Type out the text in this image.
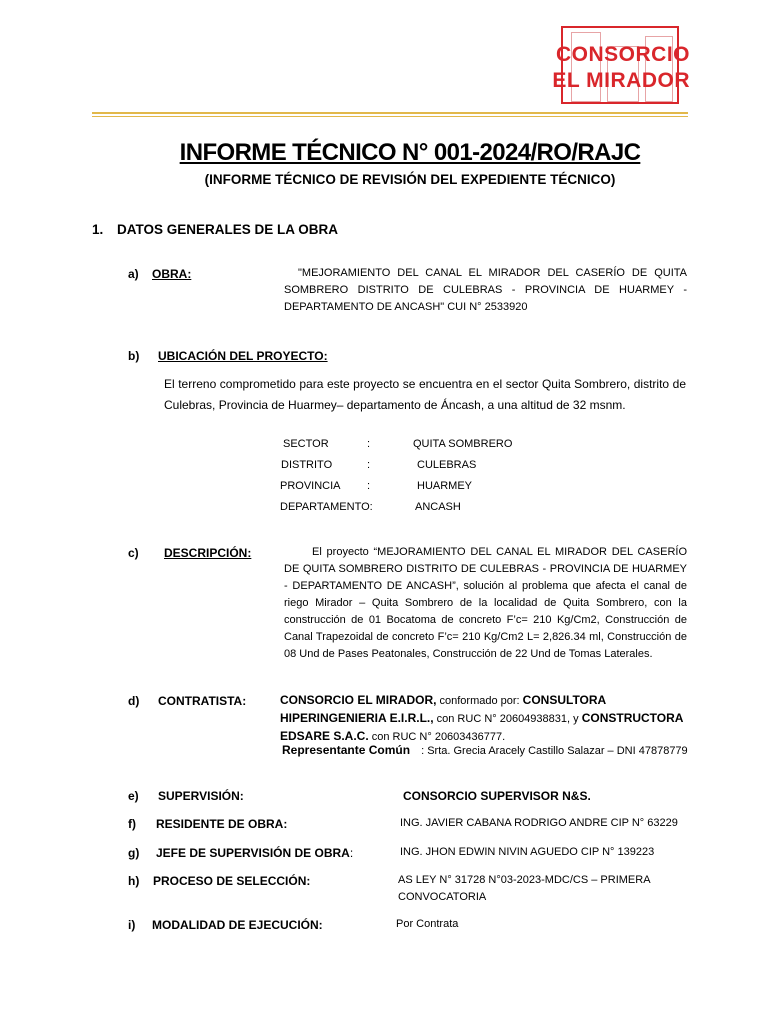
CONSORCIO
EL MIRADOR
INFORME TÉCNICO N° 001-2024/RO/RAJC
(INFORME TÉCNICO DE REVISIÓN DEL EXPEDIENTE TÉCNICO)
1. DATOS GENERALES DE LA OBRA
a) OBRA:	"MEJORAMIENTO DEL CANAL EL MIRADOR DEL CASERÍO DE QUITA SOMBRERO DISTRITO DE CULEBRAS - PROVINCIA DE HUARMEY - DEPARTAMENTO DE ANCASH" CUI N° 2533920
b) UBICACIÓN DEL PROYECTO:
El terreno comprometido para este proyecto se encuentra en el sector Quita Sombrero, distrito de Culebras, Provincia de Huarmey– departamento de Áncash, a una altitud de 32 msnm.
SECTOR	:	QUITA SOMBRERO
DISTRITO	:	CULEBRAS
PROVINCIA	:	HUARMEY
DEPARTAMENTO:		ANCASH
c) DESCRIPCIÓN:	El proyecto “MEJORAMIENTO DEL CANAL EL MIRADOR DEL CASERÍO DE QUITA SOMBRERO DISTRITO DE CULEBRAS - PROVINCIA DE HUARMEY - DEPARTAMENTO DE ANCASH”, solución al problema que afecta el canal de riego Mirador – Quita Sombrero de la localidad de Quita Sombrero, con la construcción de 01 Bocatoma de concreto F’c= 210 Kg/Cm2, Construcción de Canal Trapezoidal de concreto F’c= 210 Kg/Cm2 L= 2,826.34 ml, Construcción de 08 Und de Pases Peatonales, Construcción de 22 Und de Tomas Laterales.
d) CONTRATISTA:	CONSORCIO EL MIRADOR, conformado por: CONSULTORA HIPERINGENIERIA E.I.R.L., con RUC N° 20604938831, y CONSTRUCTORA EDSARE S.A.C. con RUC N° 20603436777.
Representante Común : Srta. Grecia Aracely Castillo Salazar – DNI 47878779
e) SUPERVISIÓN:	CONSORCIO SUPERVISOR N&S.
f) RESIDENTE DE OBRA:	ING. JAVIER CABANA RODRIGO ANDRE CIP N° 63229
g) JEFE DE SUPERVISIÓN DE OBRA:	ING. JHON EDWIN NIVIN AGUEDO CIP N° 139223
h) PROCESO DE SELECCIÓN:	AS LEY N° 31728 N°03-2023-MDC/CS – PRIMERA CONVOCATORIA
i) MODALIDAD DE EJECUCIÓN:	Por Contrata
